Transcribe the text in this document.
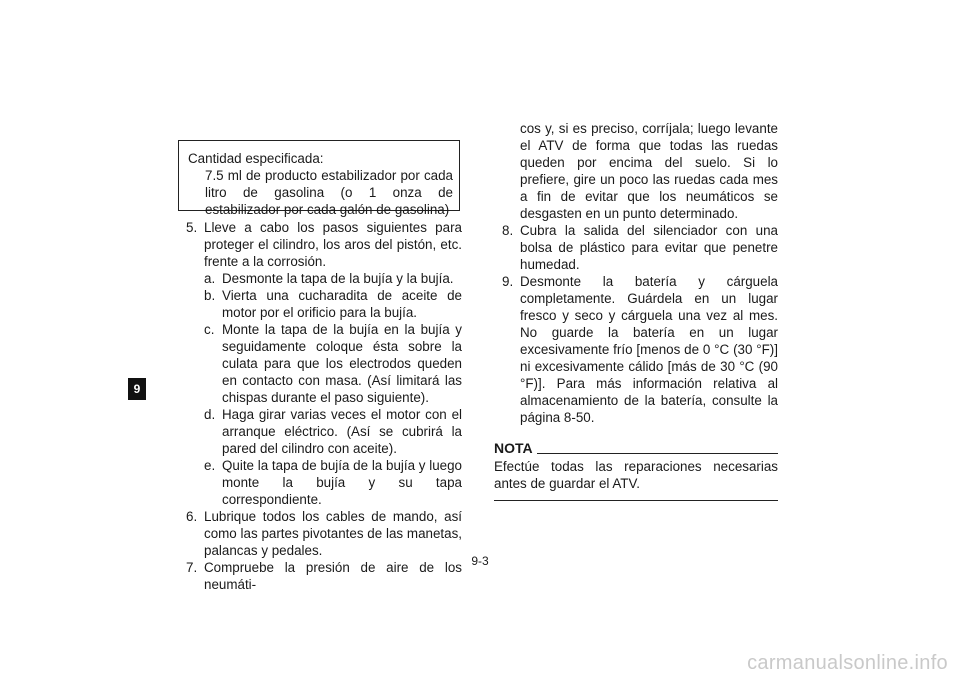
9
Cantidad especificada:
7.5 ml de producto estabilizador por cada litro de gasolina (o 1 onza de estabilizador por cada galón de gasolina)
5. Lleve a cabo los pasos siguientes para proteger el cilindro, los aros del pistón, etc. frente a la corrosión.
a. Desmonte la tapa de la bujía y la bujía.
b. Vierta una cucharadita de aceite de motor por el orificio para la bujía.
c. Monte la tapa de la bujía en la bujía y seguidamente coloque ésta sobre la culata para que los electrodos queden en contacto con masa. (Así limitará las chispas durante el paso siguiente).
d. Haga girar varias veces el motor con el arranque eléctrico. (Así se cubrirá la pared del cilindro con aceite).
e. Quite la tapa de bujía de la bujía y luego monte la bujía y su tapa correspondiente.
6. Lubrique todos los cables de mando, así como las partes pivotantes de las manetas, palancas y pedales.
7. Compruebe la presión de aire de los neumáti-
cos y, si es preciso, corríjala; luego levante el ATV de forma que todas las ruedas queden por encima del suelo. Si lo prefiere, gire un poco las ruedas cada mes a fin de evitar que los neumáticos se desgasten en un punto determinado.
8. Cubra la salida del silenciador con una bolsa de plástico para evitar que penetre humedad.
9. Desmonte la batería y cárguela completamente. Guárdela en un lugar fresco y seco y cárguela una vez al mes. No guarde la batería en un lugar excesivamente frío [menos de 0 °C (30 °F)] ni excesivamente cálido [más de 30 °C (90 °F)]. Para más información relativa al almacenamiento de la batería, consulte la página 8-50.
NOTA
Efectúe todas las reparaciones necesarias antes de guardar el ATV.
9-3
carmanualsonline.info
